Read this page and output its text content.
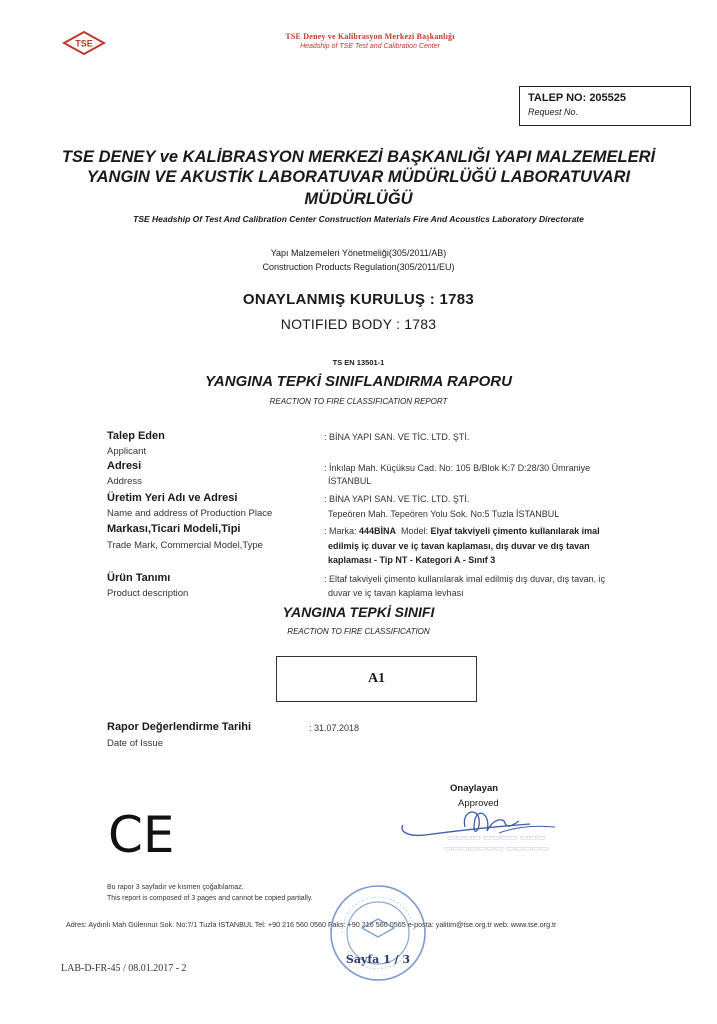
TSE
TSE Deney ve Kalibrasyon Merkezi Başkanlığı
Headship of TSE Test and Calibration Center
TALEP NO: 205525
Request No.
TSE DENEY ve KALİBRASYON MERKEZİ BAŞKANLIĞI YAPI MALZEMELERİ
YANGIN VE AKUSTİK LABORATUVAR MÜDÜRLÜĞÜ LABORATUVARI
MÜDÜRLÜĞÜ
TSE Headship Of Test And Calibration Center Construction Materials Fire And Acoustics Laboratory Directorate
Yapı Malzemeleri Yönetmeliği(305/2011/AB)
Construction Products Regulation(305/2011/EU)
ONAYLANMIŞ KURULUŞ : 1783
NOTIFIED BODY : 1783
TS EN 13501-1
YANGINA TEPKİ SINIFLANDIRMA RAPORU
REACTION TO FIRE CLASSIFICATION REPORT
Talep Eden
Applicant
: BİNA YAPI SAN. VE TİC. LTD. ŞTİ.
Adresi
Address
: İnkılap Mah. Küçüksu Cad. No: 105 B/Blok K:7 D:28/30 Ümraniye
İSTANBUL
Üretim Yeri Adı ve Adresi
Name and address of Production Place
: BİNA YAPI SAN. VE TİC. LTD. ŞTİ.
Tepeören Mah. Tepeören Yolu Sok. No:5 Tuzla İSTANBUL
Markası,Ticari Modeli,Tipi
Trade Mark, Commercial Model,Type
: Marka: 444BİNA  Model: Elyaf takviyeli çimento kullanılarak imal
edilmiş iç duvar ve iç tavan kaplaması, dış duvar ve dış tavan
kaplaması - Tip NT - Kategori A - Sınıf 3
Ürün Tanımı
Product description
: Eltaf takviyeli çimento kullanılarak imal edilmiş dış duvar, dış tavan, iç
duvar ve iç tavan kaplama levhası
YANGINA TEPKİ SINIFI
REACTION TO FIRE CLASSIFICATION
A1
Rapor Değerlendirme Tarihi
Date of Issue
: 31.07.2018
CE	▭▭▭▭ ▭▭▭▭ ▭▭▭
▭▭▭▭▭▭▭ ▭▭▭▭▭
Onaylayan
Approved
Bu rapor 3 sayfadır ve kısmen çoğaltılamaz.
This report is composed of 3 pages and cannot be copied partially.
Adres: Aydınlı Mah Gülennur Sok. No:7/1 Tuzla İSTANBUL Tel: +90 216 560 0560 Faks: +90 216 560 0565 e-posta: yalitim@tse.org.tr web: www.tse.org.tr
Sayfa 1 / 3
LAB-D-FR-45 / 08.01.2017 - 2
